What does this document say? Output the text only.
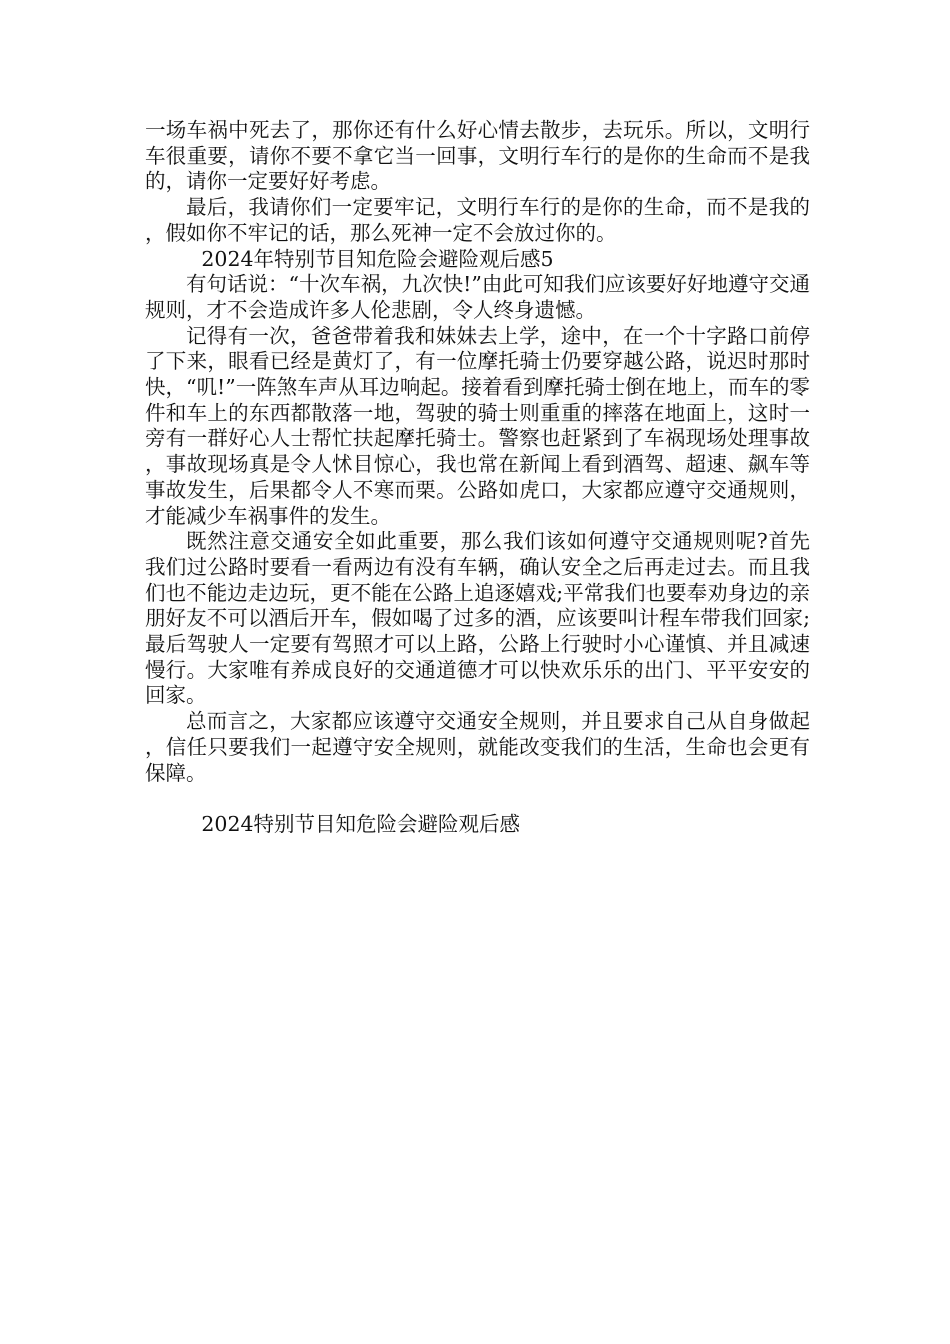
一场车祸中死去了，那你还有什么好心情去散步，去玩乐。所以，文明行车很重要，请你不要不拿它当一回事，文明行车行的是你的生命而不是我的，请你一定要好好考虑。

最后，我请你们一定要牢记，文明行车行的是你的生命，而不是我的，假如你不牢记的话，那么死神一定不会放过你的。

2024年特别节目知危险会避险观后感5

有句话说：“十次车祸，九次快!”由此可知我们应该要好好地遵守交通规则，才不会造成许多人伦悲剧，令人终身遗憾。

记得有一次，爸爸带着我和妹妹去上学，途中，在一个十字路口前停了下来，眼看已经是黄灯了，有一位摩托骑士仍要穿越公路，说迟时那时快，“叽!”一阵煞车声从耳边响起。接着看到摩托骑士倒在地上，而车的零件和车上的东西都散落一地，驾驶的骑士则重重的摔落在地面上，这时一旁有一群好心人士帮忙扶起摩托骑士。警察也赶紧到了车祸现场处理事故，事故现场真是令人怵目惊心，我也常在新闻上看到酒驾、超速、飙车等事故发生，后果都令人不寒而栗。公路如虎口，大家都应遵守交通规则，才能减少车祸事件的发生。

既然注意交通安全如此重要，那么我们该如何遵守交通规则呢?首先我们过公路时要看一看两边有没有车辆，确认安全之后再走过去。而且我们也不能边走边玩，更不能在公路上追逐嬉戏;平常我们也要奉劝身边的亲朋好友不可以酒后开车，假如喝了过多的酒，应该要叫计程车带我们回家;最后驾驶人一定要有驾照才可以上路，公路上行驶时小心谨慎、并且减速慢行。大家唯有养成良好的交通道德才可以快欢乐乐的出门、平平安安的回家。

总而言之，大家都应该遵守交通安全规则，并且要求自己从自身做起，信任只要我们一起遵守安全规则，就能改变我们的生活，生命也会更有保障。

2024特别节目知危险会避险观后感
